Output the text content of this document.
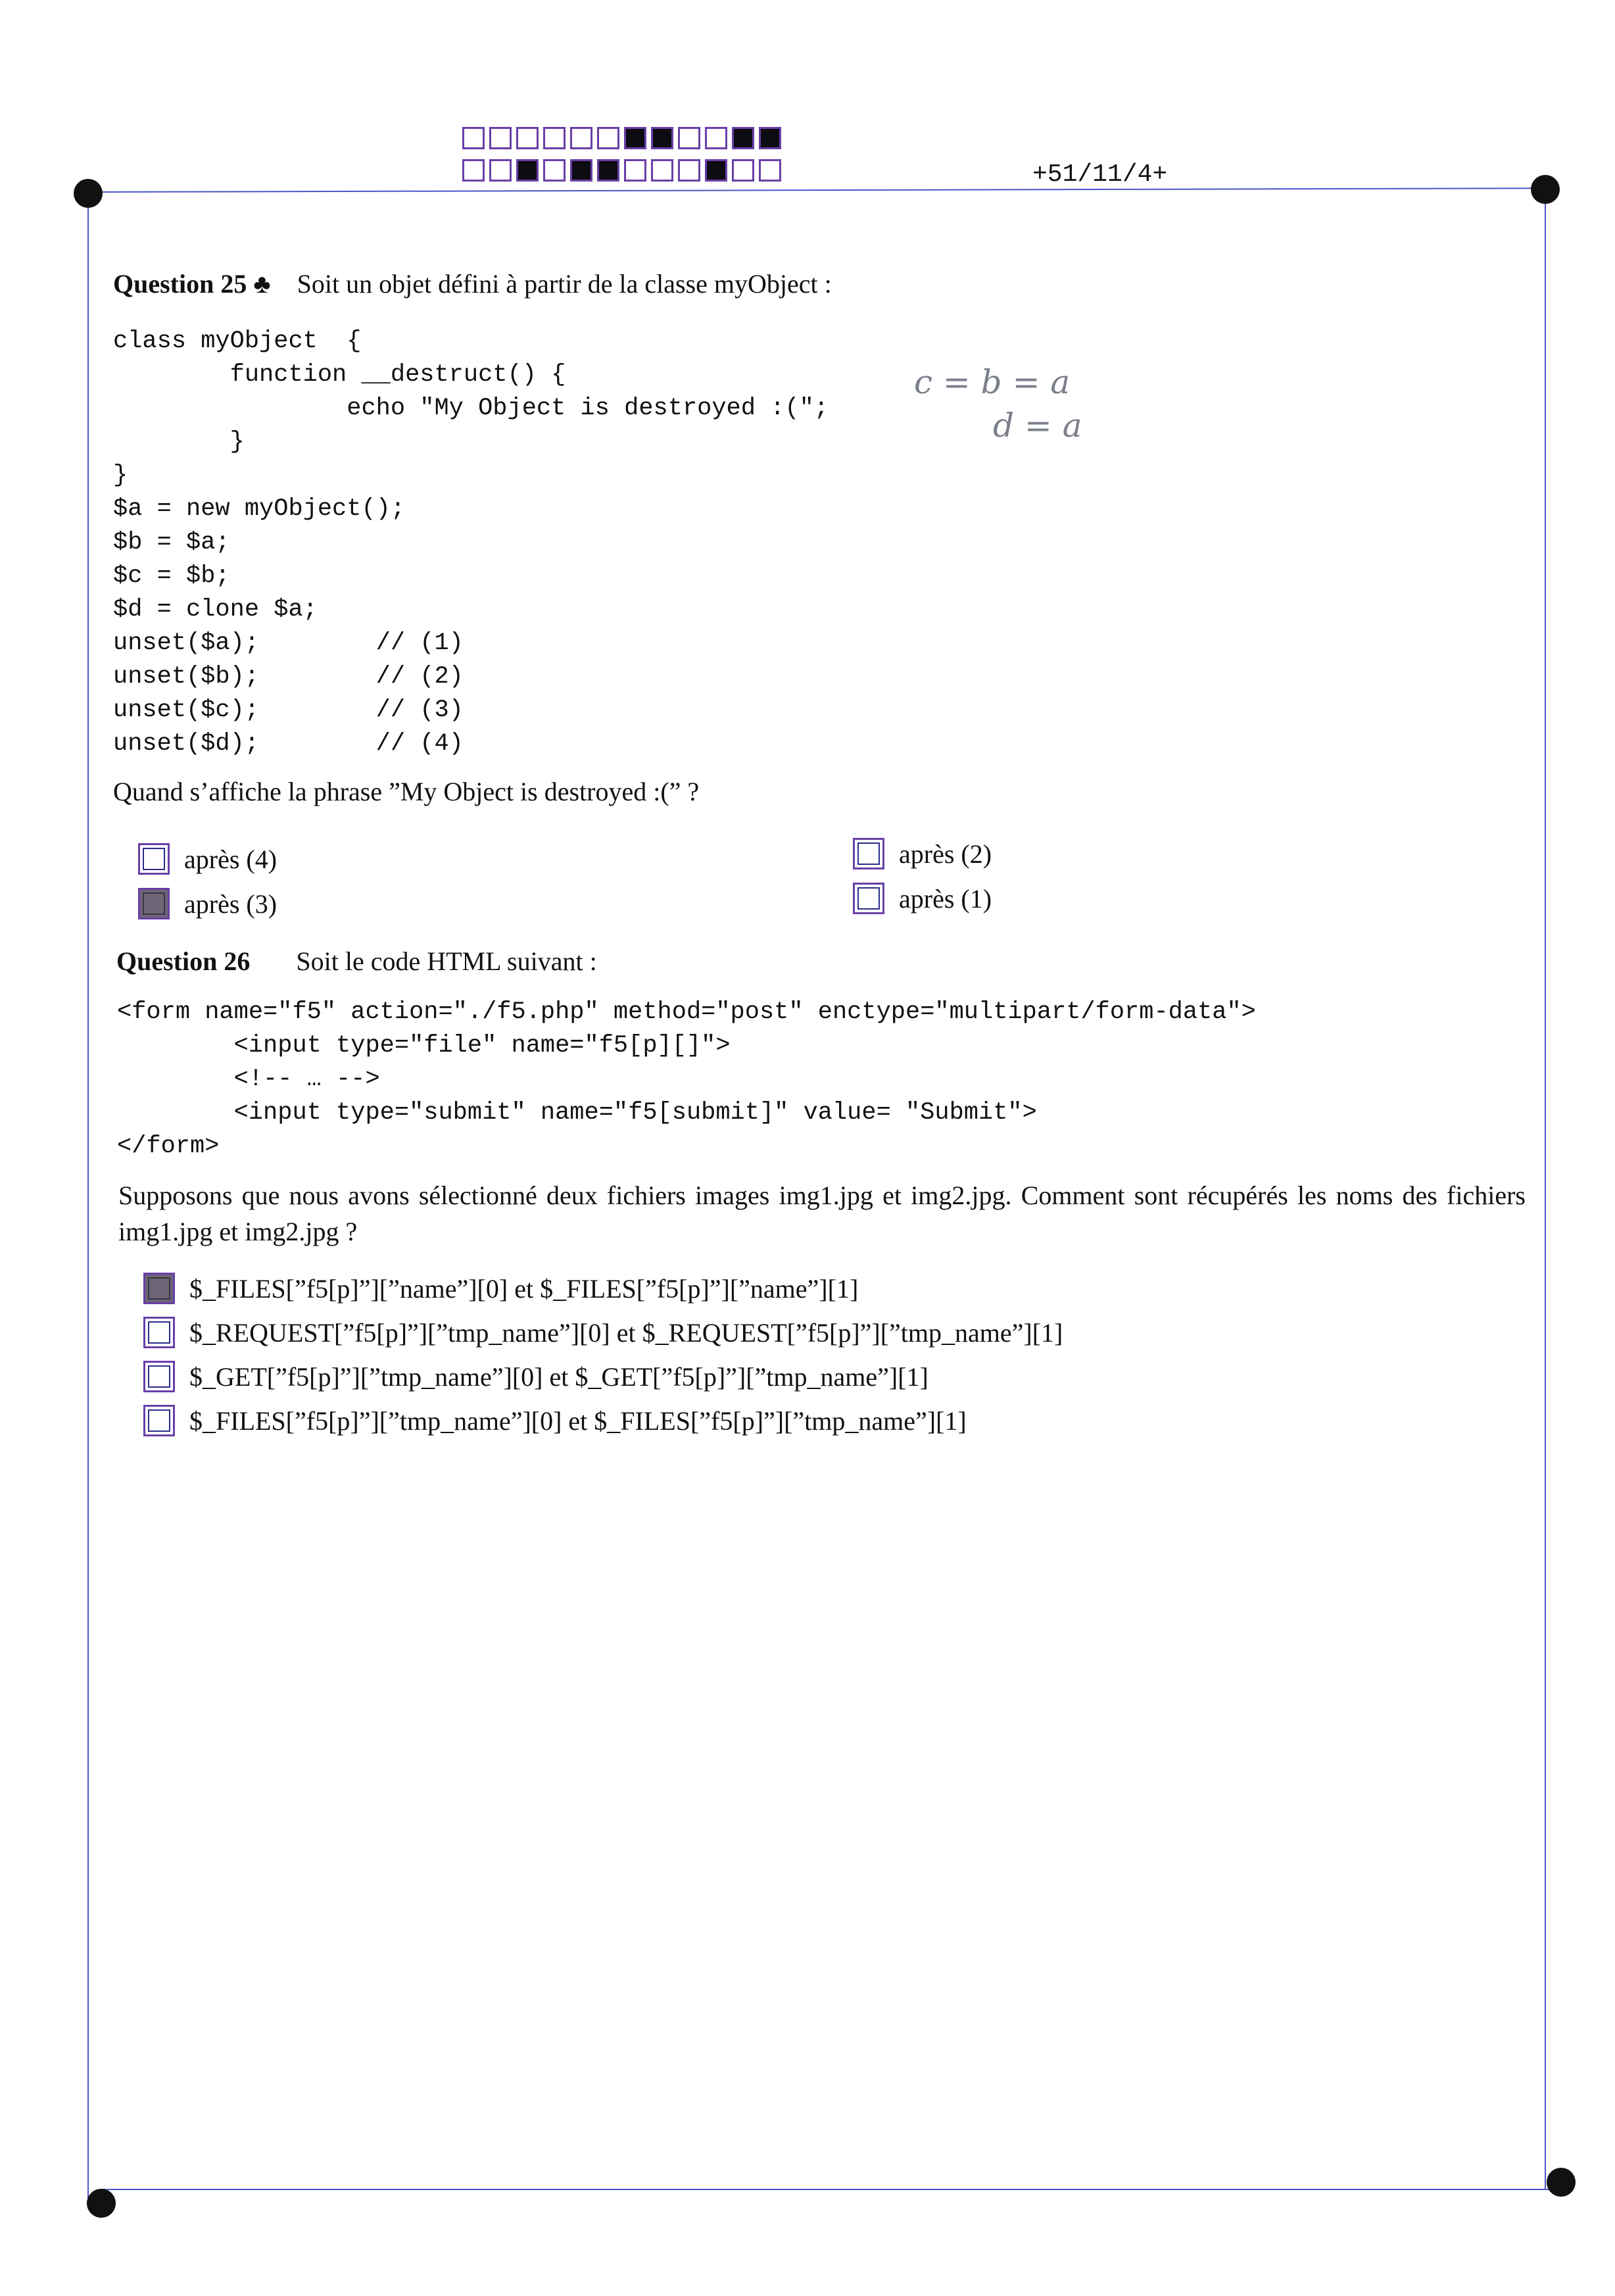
+51/11/4+
Question 25 ♣ Soit un objet défini à partir de la classe myObject :
class myObject  {
function __destruct() {
echo "My Object is destroyed :(";
}
}
$a = new myObject();
$b = $a;
$c = $b;
$d = clone $a;
unset($a);        // (1)
unset($b);        // (2)
unset($c);        // (3)
unset($d);        // (4)
c = b = a
d = a
Quand s’affiche la phrase ”My Object is destroyed :(” ?
après (4)
après (3)
après (2)
après (1)
Question 26 Soit le code HTML suivant :
<form name="f5" action="./f5.php" method="post" enctype="multipart/form-data">
<input type="file" name="f5[p][]">
<!-- … -->
<input type="submit" name="f5[submit]" value= "Submit">
</form>
Supposons que nous avons sélectionné deux fichiers images img1.jpg et img2.jpg. Comment sont récupérés les noms des fichiers img1.jpg et img2.jpg ?
$_FILES[”f5[p]”][”name”][0] et $_FILES[”f5[p]”][”name”][1]
$_REQUEST[”f5[p]”][”tmp_name”][0] et $_REQUEST[”f5[p]”][”tmp_name”][1]
$_GET[”f5[p]”][”tmp_name”][0] et $_GET[”f5[p]”][”tmp_name”][1]
$_FILES[”f5[p]”][”tmp_name”][0] et $_FILES[”f5[p]”][”tmp_name”][1]
